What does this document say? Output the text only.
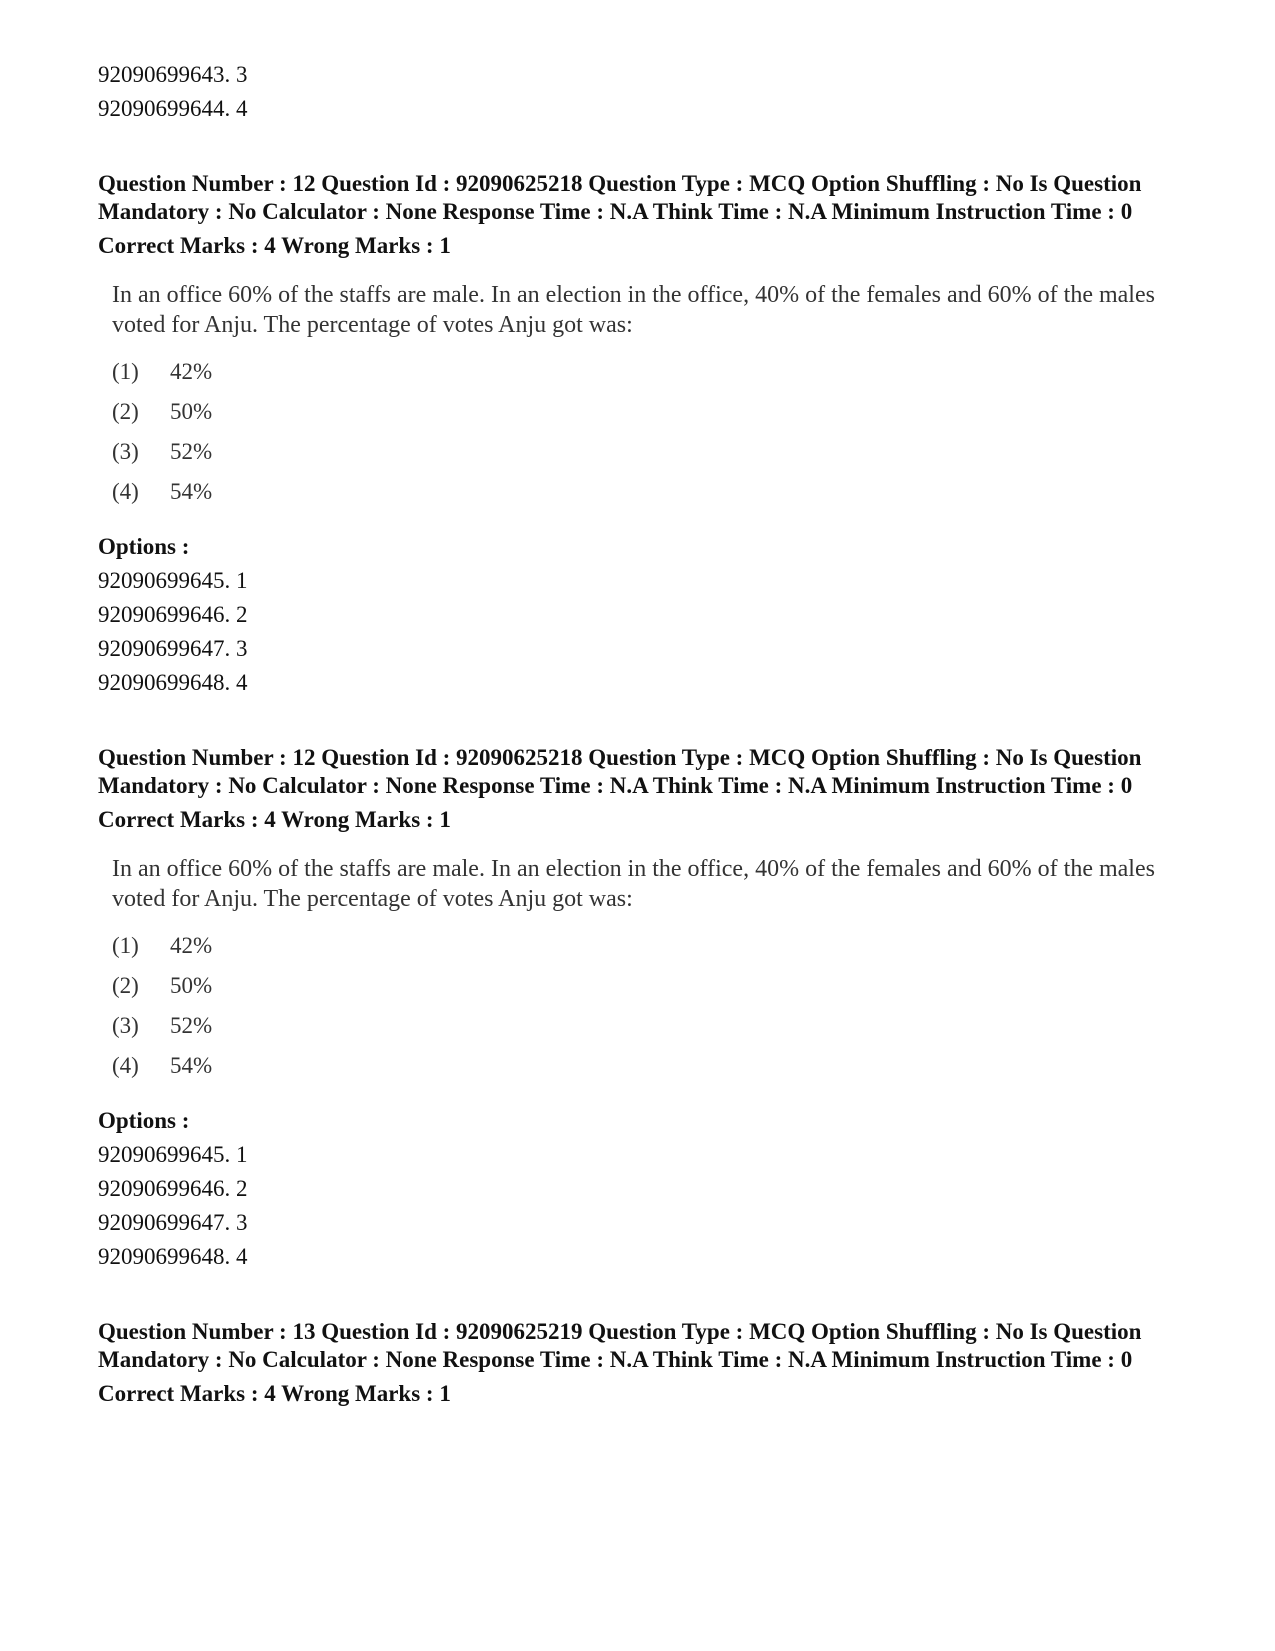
92090699643. 3
92090699644. 4
Question Number : 12 Question Id : 92090625218 Question Type : MCQ Option Shuffling : No Is Question Mandatory : No Calculator : None Response Time : N.A Think Time : N.A Minimum Instruction Time : 0
Correct Marks : 4 Wrong Marks : 1
In an office 60% of the staffs are male. In an election in the office, 40% of the females and 60% of the males voted for Anju. The percentage of votes Anju got was:
(1)	42%
(2)	50%
(3)	52%
(4)	54%
Options :
92090699645. 1
92090699646. 2
92090699647. 3
92090699648. 4
Question Number : 12 Question Id : 92090625218 Question Type : MCQ Option Shuffling : No Is Question Mandatory : No Calculator : None Response Time : N.A Think Time : N.A Minimum Instruction Time : 0
Correct Marks : 4 Wrong Marks : 1
In an office 60% of the staffs are male. In an election in the office, 40% of the females and 60% of the males voted for Anju. The percentage of votes Anju got was:
(1)	42%
(2)	50%
(3)	52%
(4)	54%
Options :
92090699645. 1
92090699646. 2
92090699647. 3
92090699648. 4
Question Number : 13 Question Id : 92090625219 Question Type : MCQ Option Shuffling : No Is Question Mandatory : No Calculator : None Response Time : N.A Think Time : N.A Minimum Instruction Time : 0
Correct Marks : 4 Wrong Marks : 1
